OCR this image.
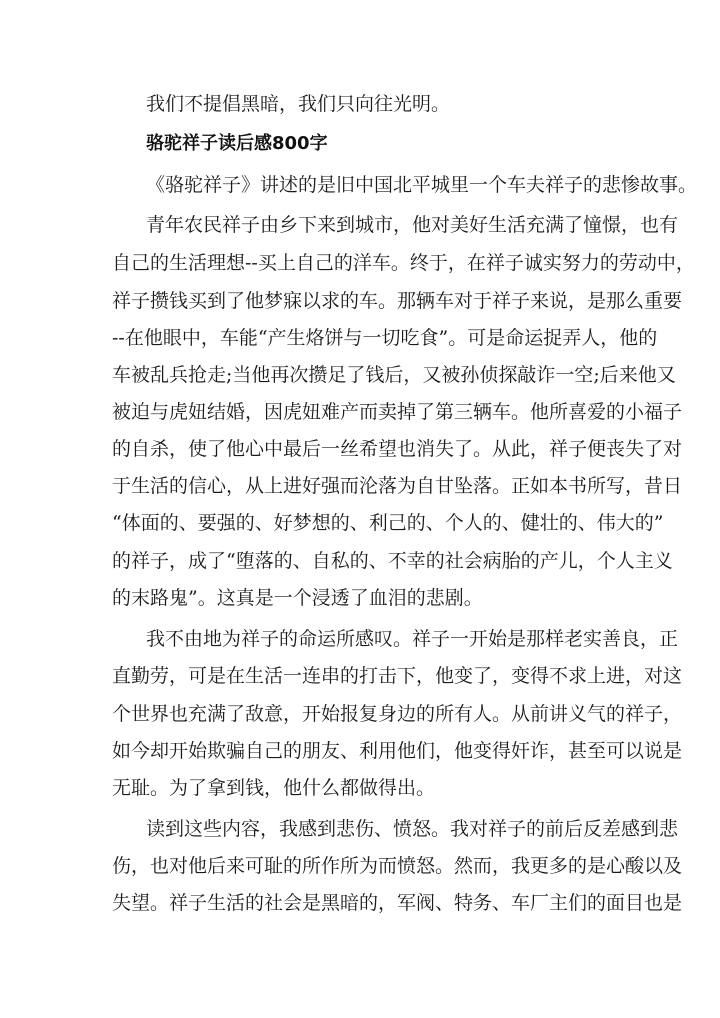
我们不提倡黑暗，我们只向往光明。
骆驼祥子读后感800字
《骆驼祥子》讲述的是旧中国北平城里一个车夫祥子的悲惨故事。
青年农民祥子由乡下来到城市，他对美好生活充满了憧憬，也有
自己的生活理想--买上自己的洋车。终于，在祥子诚实努力的劳动中，
祥子攒钱买到了他梦寐以求的车。那辆车对于祥子来说，是那么重要
--在他眼中，车能“产生烙饼与一切吃食”。可是命运捉弄人，他的
车被乱兵抢走;当他再次攒足了钱后，又被孙侦探敲诈一空;后来他又
被迫与虎妞结婚，因虎妞难产而卖掉了第三辆车。他所喜爱的小福子
的自杀，使了他心中最后一丝希望也消失了。从此，祥子便丧失了对
于生活的信心，从上进好强而沦落为自甘坠落。正如本书所写，昔日
“体面的、要强的、好梦想的、利己的、个人的、健壮的、伟大的”
的祥子，成了“堕落的、自私的、不幸的社会病胎的产儿，个人主义
的末路鬼”。这真是一个浸透了血泪的悲剧。
我不由地为祥子的命运所感叹。祥子一开始是那样老实善良，正
直勤劳，可是在生活一连串的打击下，他变了，变得不求上进，对这
个世界也充满了敌意，开始报复身边的所有人。从前讲义气的祥子，
如今却开始欺骗自己的朋友、利用他们，他变得奸诈，甚至可以说是
无耻。为了拿到钱，他什么都做得出。
读到这些内容，我感到悲伤、愤怒。我对祥子的前后反差感到悲
伤，也对他后来可耻的所作所为而愤怒。然而，我更多的是心酸以及
失望。祥子生活的社会是黑暗的，军阀、特务、车厂主们的面目也是
